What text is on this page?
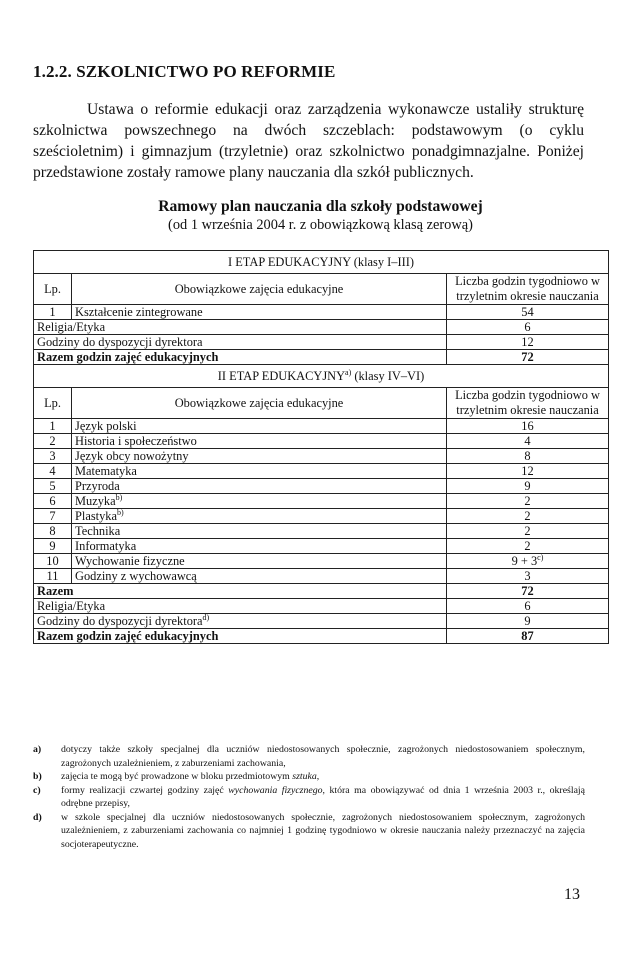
1.2.2. SZKOLNICTWO PO REFORMIE
Ustawa o reformie edukacji oraz zarządzenia wykonawcze ustaliły strukturę szkolnictwa powszechnego na dwóch szczeblach: podstawowym (o cyklu sześcioletnim) i gimnazjum (trzyletnie) oraz szkolnictwo ponadgimnazjalne. Poniżej przedstawione zostały ramowe plany nauczania dla szkół publicznych.
Ramowy plan nauczania dla szkoły podstawowej
(od 1 września 2004 r. z obowiązkową klasą zerową)
I ETAP EDUKACYJNY (klasy I–III)		
Lp.	Obowiązkowe zajęcia edukacyjne	Liczba godzin tygodniowo w trzyletnim okresie nauczania
1	Kształcenie zintegrowane	54
Religia/Etyka		6
Godziny do dyspozycji dyrektora		12
Razem godzin zajęć edukacyjnych		72
II ETAP EDUKACYJNY$^{a)}$ (klasy IV–VI)		
Lp.	Obowiązkowe zajęcia edukacyjne	Liczba godzin tygodniowo w trzyletnim okresie nauczania
1	Język polski	16
2	Historia i społeczeństwo	4
3	Język obcy nowożytny	8
4	Matematyka	12
5	Przyroda	9
6	Muzyka$^{b)}$	2
7	Plastyka$^{b)}$	2
8	Technika	2
9	Informatyka	2
10	Wychowanie fizyczne	$9 + 3^{c)}$
11	Godziny z wychowawcą	3
Razem		72
Religia/Etyka		6
Godziny do dyspozycji dyrektora$^{d)}$		9
Razem godzin zajęć edukacyjnych		87
a)	dotyczy także szkoły specjalnej dla uczniów niedostosowanych społecznie, zagrożonych niedostosowaniem społecznym, zagrożonych uzależnieniem, z zaburzeniami zachowania,
b)	zajęcia te mogą być prowadzone w bloku przedmiotowym sztuka,
c)	formy realizacji czwartej godziny zajęć wychowania fizycznego, która ma obowiązywać od dnia 1 września 2003 r., określają odrębne przepisy,
d)	w szkole specjalnej dla uczniów niedostosowanych społecznie, zagrożonych niedostosowaniem społecznym, zagrożonych uzależnieniem, z zaburzeniami zachowania co najmniej 1 godzinę tygodniowo w okresie nauczania należy przeznaczyć na zajęcia socjoterapeutyczne.
13
